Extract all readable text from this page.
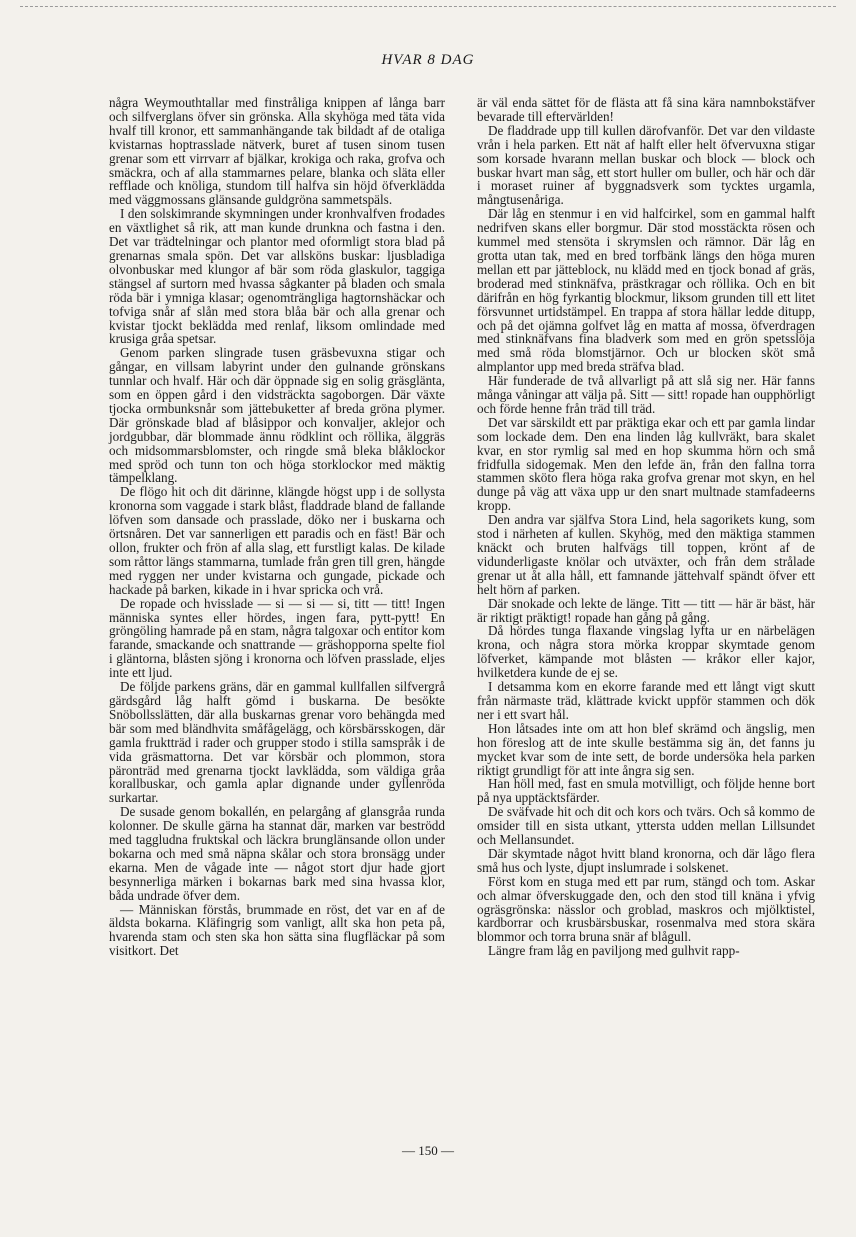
HVAR 8 DAG

några Weymouthtallar med finstråliga knippen af långa barr och silfverglans öfver sin grönska. Alla skyhöga med täta vida hvalf till kronor, ett sammanhängande tak bildadt af de otaliga kvistarnas hoptrasslade nätverk, buret af tusen sinom tusen grenar som ett virrvarr af bjälkar, krokiga och raka, grofva och smäckra, och af alla stammarnes pelare, blanka och släta eller refflade och knöliga, stundom till halfva sin höjd öfverklädda med väggmossans glänsande guldgröna sammetspäls.

I den solskimrande skymningen under kronhvalfven frodades en växtlighet så rik, att man kunde drunkna och fastna i den. Det var trädtelningar och plantor med oformligt stora blad på grenarnas smala spön. Det var allsköns buskar: ljusbladiga olvonbuskar med klungor af bär som röda glaskulor, taggiga stängsel af surtorn med hvassa sågkanter på bladen och smala röda bär i ymniga klasar; ogenomträngliga hagtornshäckar och tofviga snår af slån med stora blåa bär och alla grenar och kvistar tjockt beklädda med renlaf, liksom omlindade med krusiga gråa spetsar.

Genom parken slingrade tusen gräsbevuxna stigar och gångar, en villsam labyrint under den gulnande grönskans tunnlar och hvalf. Här och där öppnade sig en solig gräsglänta, som en öppen gård i den vidsträckta sagoborgen. Där växte tjocka ormbunksnår som jättebuketter af breda gröna plymer. Där grönskade blad af blåsippor och konvaljer, aklejor och jordgubbar, där blommade ännu rödklint och röllika, älggräs och midsommarsblomster, och ringde små bleka blåklockor med spröd och tunn ton och höga storklockor med mäktig tämpelklang.

De flögo hit och dit därinne, klängde högst upp i de sollysta kronorna som vaggade i stark blåst, fladdrade bland de fallande löfven som dansade och prasslade, döko ner i buskarna och örtsnåren. Det var sannerligen ett paradis och en fäst! Bär och ollon, frukter och frön af alla slag, ett furstligt kalas. De kilade som råttor längs stammarna, tumlade från gren till gren, hängde med ryggen ner under kvistarna och gungade, pickade och hackade på barken, kikade in i hvar spricka och vrå.

De ropade och hvisslade — si — si — si, titt — titt! Ingen människa syntes eller hördes, ingen fara, pytt-pytt! En gröngöling hamrade på en stam, några talgoxar och entitor kom farande, smackande och snattrande — gräshopporna spelte fiol i gläntorna, blåsten sjöng i kronorna och löfven prasslade, eljes inte ett ljud.

De följde parkens gräns, där en gammal kullfallen silfvergrå gärdsgård låg halft gömd i buskarna. De besökte Snöbollsslätten, där alla buskarnas grenar voro behängda med bär som med bländhvita småfågelägg, och körsbärsskogen, där gamla fruktträd i rader och grupper stodo i stilla samspråk i de vida gräsmattorna. Det var körsbär och plommon, stora päronträd med grenarna tjockt lavklädda, som väldiga gråa korallbuskar, och gamla aplar dignande under gyllenröda surkartar.

De susade genom bokallén, en pelargång af glansgråa runda kolonner. De skulle gärna ha stannat där, marken var beströdd med taggludna fruktskal och läckra brunglänsande ollon under bokarna och med små näpna skålar och stora bronsägg under ekarna. Men de vågade inte — något stort djur hade gjort besynnerliga märken i bokarnas bark med sina hvassa klor, båda undrade öfver dem.

— Människan förstås, brummade en röst, det var en af de äldsta bokarna. Kläfingrig som vanligt, allt ska hon peta på, hvarenda stam och sten ska hon sätta sina flugfläckar på som visitkort. Det

är väl enda sättet för de flästa att få sina kära namnbokstäfver bevarade till eftervärlden!

De fladdrade upp till kullen därofvanför. Det var den vildaste vrån i hela parken. Ett nät af halft eller helt öfvervuxna stigar som korsade hvarann mellan buskar och block — block och buskar hvart man såg, ett stort huller om buller, och här och där i moraset ruiner af byggnadsverk som tycktes urgamla, mångtusenåriga.

Där låg en stenmur i en vid halfcirkel, som en gammal halft nedrifven skans eller borgmur. Där stod mosstäckta rösen och kummel med stensöta i skrymslen och rämnor. Där låg en grotta utan tak, med en bred torfbänk längs den höga muren mellan ett par jätteblock, nu klädd med en tjock bonad af gräs, broderad med stinknäfva, prästkragar och röllika. Och en bit därifrån en hög fyrkantig blockmur, liksom grunden till ett litet försvunnet urtidstämpel. En trappa af stora hällar ledde ditupp, och på det ojämna golfvet låg en matta af mossa, öfverdragen med stinknäfvans fina bladverk som med en grön spetsslöja med små röda blomstjärnor. Och ur blocken sköt små almplantor upp med breda sträfva blad.

Här funderade de två allvarligt på att slå sig ner. Här fanns många våningar att välja på. Sitt — sitt! ropade han oupphörligt och förde henne från träd till träd.

Det var särskildt ett par präktiga ekar och ett par gamla lindar som lockade dem. Den ena linden låg kullvräkt, bara skalet kvar, en stor rymlig sal med en hop skumma hörn och små fridfulla sidogemak. Men den lefde än, från den fallna torra stammen sköto flera höga raka grofva grenar mot skyn, en hel dunge på väg att växa upp ur den snart multnade stamfadeerns kropp.

Den andra var själfva Stora Lind, hela sagorikets kung, som stod i närheten af kullen. Skyhög, med den mäktiga stammen knäckt och bruten halfvägs till toppen, krönt af de vidunderligaste knölar och utväxter, och från dem strålade grenar ut åt alla håll, ett famnande jättehvalf spändt öfver ett helt hörn af parken.

Där snokade och lekte de länge. Titt — titt — här är bäst, här är riktigt präktigt! ropade han gång på gång.

Då hördes tunga flaxande vingslag lyfta ur en närbelägen krona, och några stora mörka kroppar skymtade genom löfverket, kämpande mot blåsten — kråkor eller kajor, hvilketdera kunde de ej se.

I detsamma kom en ekorre farande med ett långt vigt skutt från närmaste träd, klättrade kvickt uppför stammen och dök ner i ett svart hål.

Hon låtsades inte om att hon blef skrämd och ängslig, men hon föreslog att de inte skulle bestämma sig än, det fanns ju mycket kvar som de inte sett, de borde undersöka hela parken riktigt grundligt för att inte ångra sig sen.

Han höll med, fast en smula motvilligt, och följde henne bort på nya upptäcktsfärder.

De sväfvade hit och dit och kors och tvärs. Och så kommo de omsider till en sista utkant, yttersta udden mellan Lillsundet och Mellansundet.

Där skymtade något hvitt bland kronorna, och där lågo flera små hus och lyste, djupt inslumrade i solskenet.

Först kom en stuga med ett par rum, stängd och tom. Askar och almar öfverskuggade den, och den stod till knäna i yfvig ogräsgrönska: nässlor och groblad, maskros och mjölktistel, kardborrar och krusbärsbuskar, rosenmalva med stora skära blommor och torra bruna snär af blågull.

Längre fram låg en paviljong med gulhvit rapp-

— 150 —
